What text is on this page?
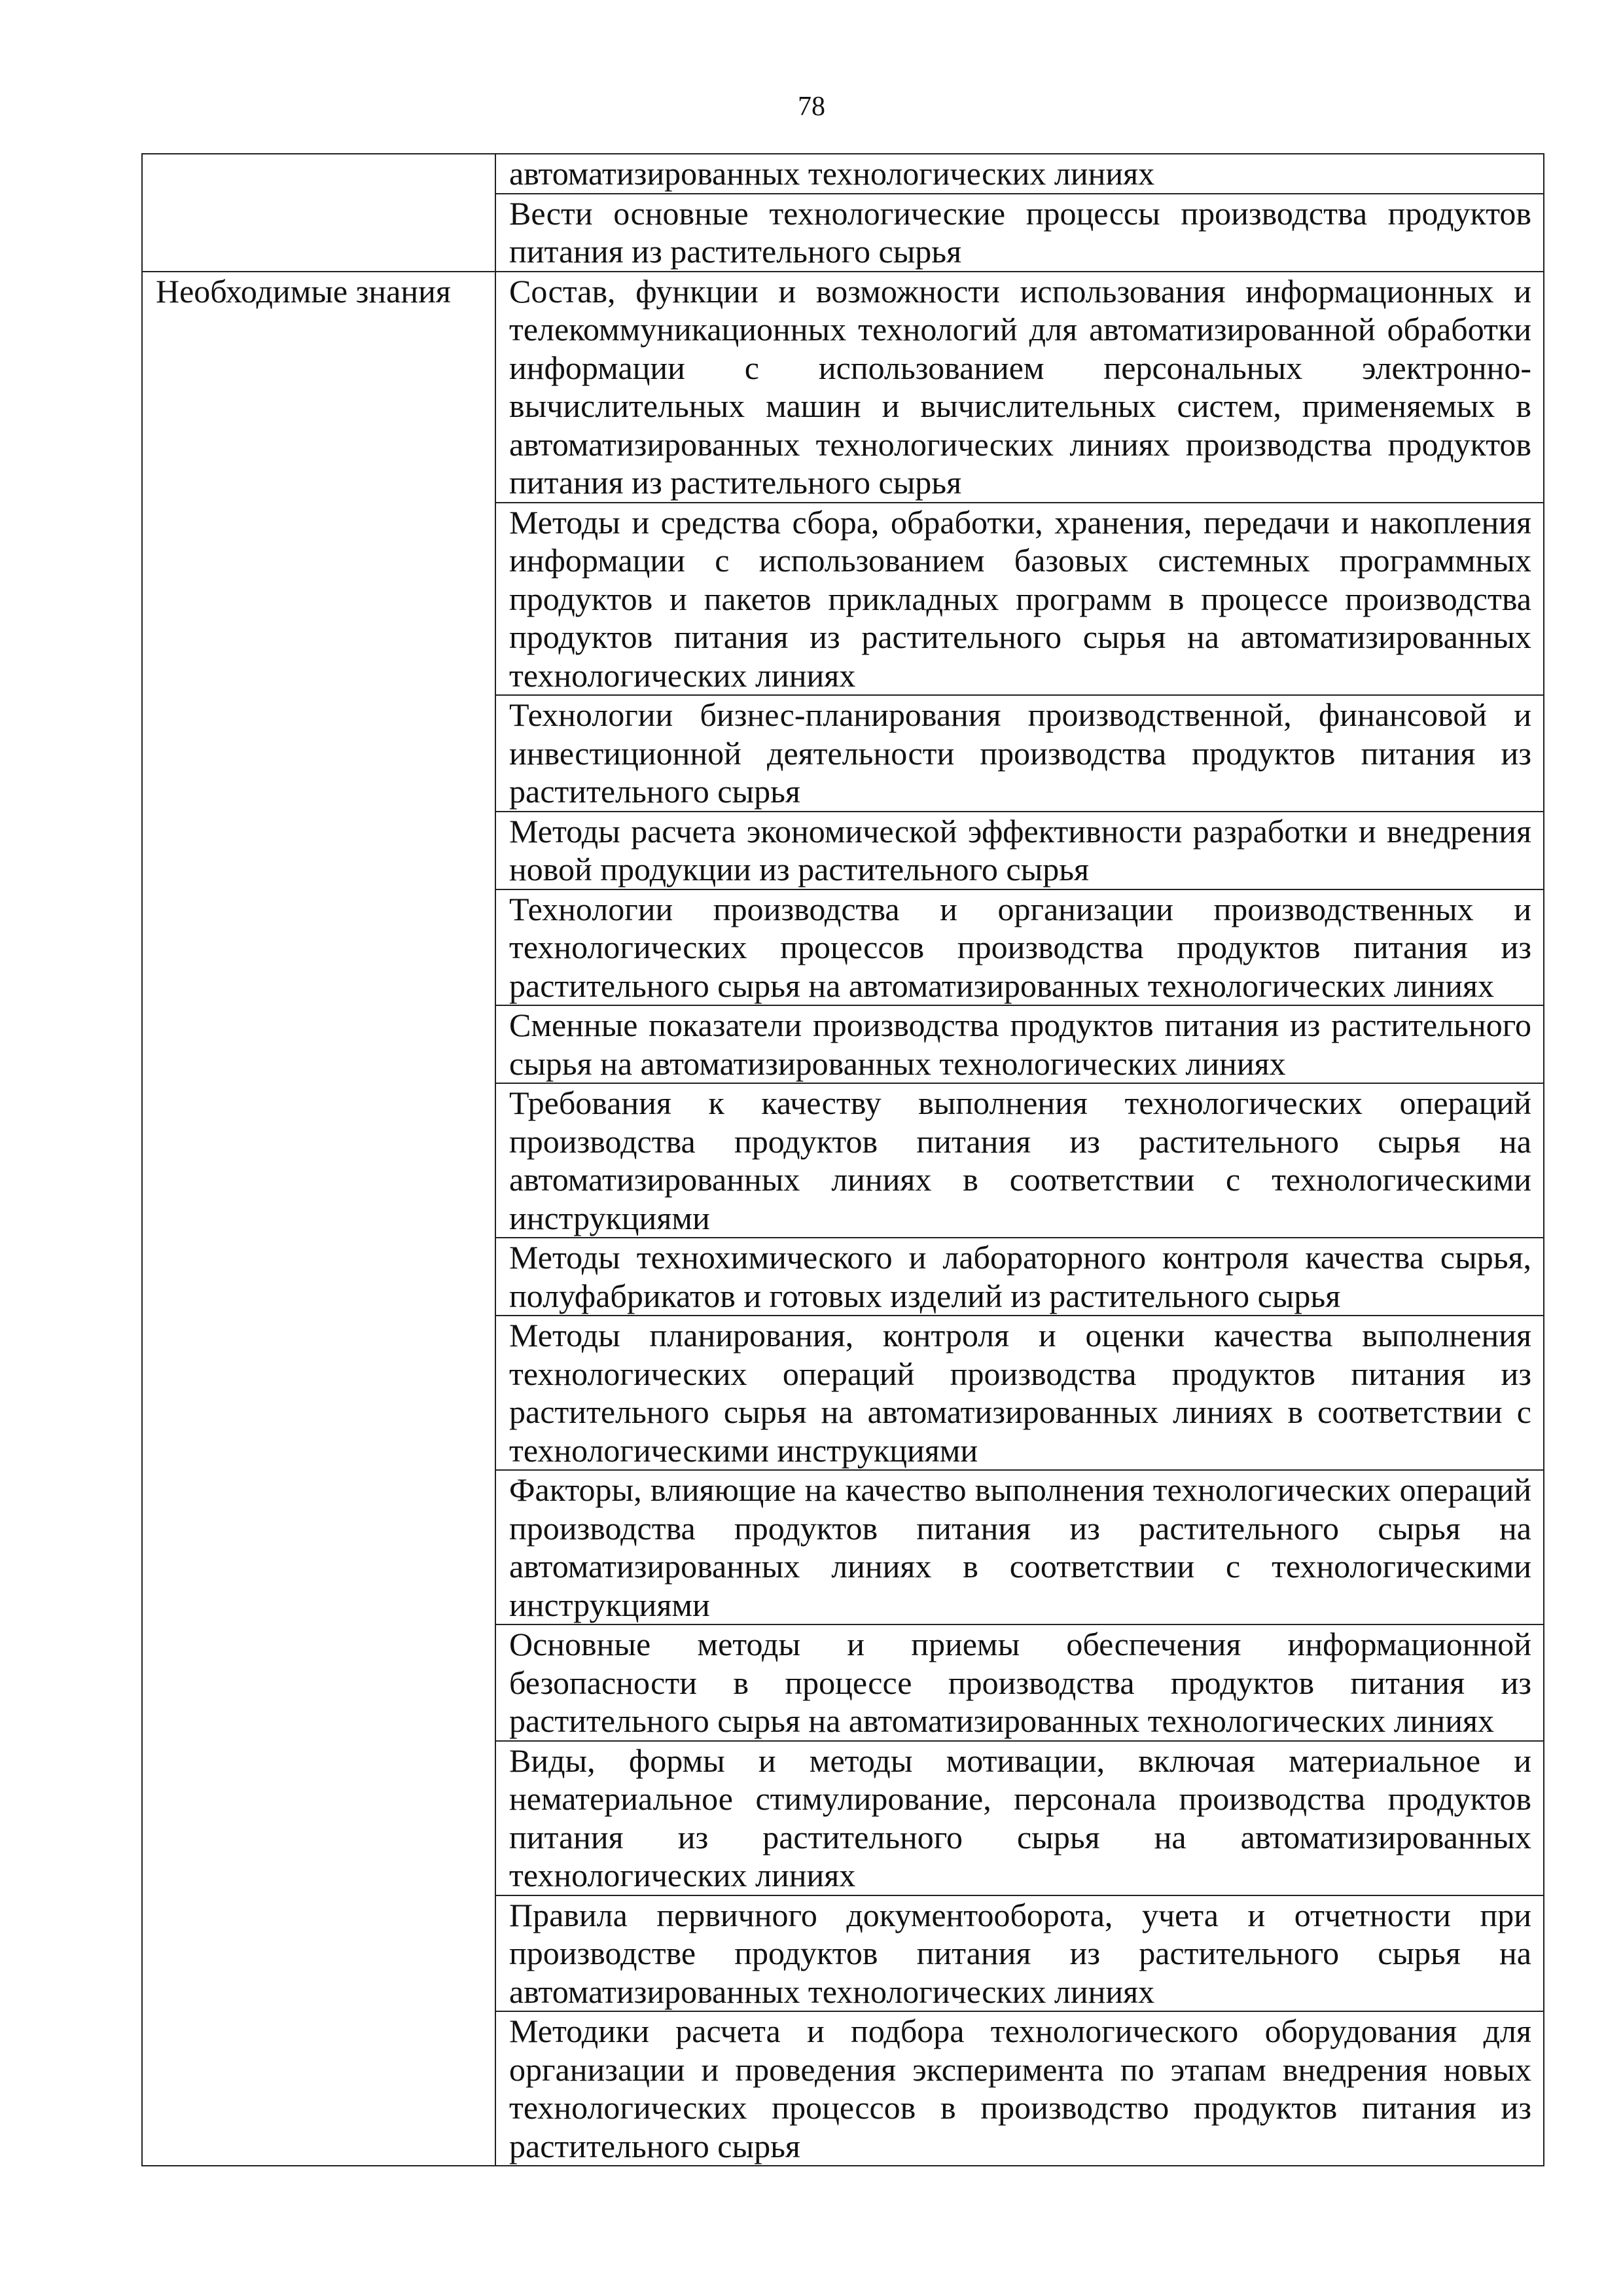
78
	автоматизированных технологических линиях
	Вести основные технологические процессы производства продуктов питания из растительного сырья
Необходимые знания	Состав, функции и возможности использования информационных и телекоммуникационных технологий для автоматизированной обработки информации с использованием персональных электронно-вычислительных машин и вычислительных систем, применяемых в автоматизированных технологических линиях производства продуктов питания из растительного сырья
	Методы и средства сбора, обработки, хранения, передачи и накопления информации с использованием базовых системных программных продуктов и пакетов прикладных программ в процессе производства продуктов питания из растительного сырья на автоматизированных технологических линиях
	Технологии бизнес-планирования производственной, финансовой и инвестиционной деятельности производства продуктов питания из растительного сырья
	Методы расчета экономической эффективности разработки и внедрения новой продукции из растительного сырья
	Технологии производства и организации производственных и технологических процессов производства продуктов питания из растительного сырья на автоматизированных технологических линиях
	Сменные показатели производства продуктов питания из растительного сырья на автоматизированных технологических линиях
	Требования к качеству выполнения технологических операций производства продуктов питания из растительного сырья на автоматизированных линиях в соответствии с технологическими инструкциями
	Методы технохимического и лабораторного контроля качества сырья, полуфабрикатов и готовых изделий из растительного сырья
	Методы планирования, контроля и оценки качества выполнения технологических операций производства продуктов питания из растительного сырья на автоматизированных линиях в соответствии с технологическими инструкциями
	Факторы, влияющие на качество выполнения технологических операций производства продуктов питания из растительного сырья на автоматизированных линиях в соответствии с технологическими инструкциями
	Основные методы и приемы обеспечения информационной безопасности в процессе производства продуктов питания из растительного сырья на автоматизированных технологических линиях
	Виды, формы и методы мотивации, включая материальное и нематериальное стимулирование, персонала производства продуктов питания из растительного сырья на автоматизированных технологических линиях
	Правила первичного документооборота, учета и отчетности при производстве продуктов питания из растительного сырья на автоматизированных технологических линиях
	Методики расчета и подбора технологического оборудования для организации и проведения эксперимента по этапам внедрения новых технологических процессов в производство продуктов питания из растительного сырья
